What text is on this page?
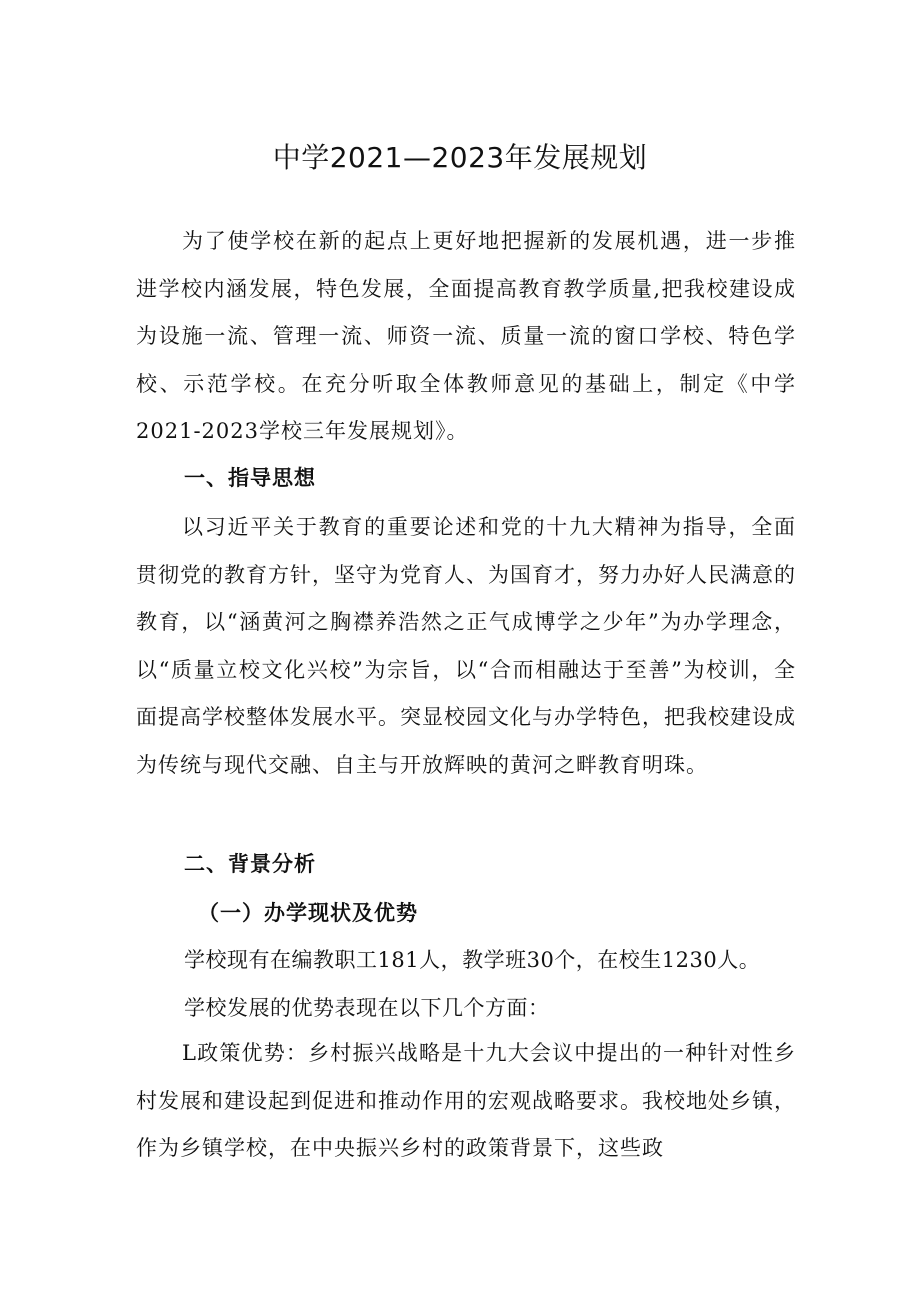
中学2021—2023年发展规划

为了使学校在新的起点上更好地把握新的发展机遇，进一步推进学校内涵发展，特色发展，全面提高教育教学质量,把我校建设成为设施一流、管理一流、师资一流、质量一流的窗口学校、特色学校、示范学校。在充分听取全体教师意见的基础上，制定《中学2021-2023学校三年发展规划》。

一、指导思想

以习近平关于教育的重要论述和党的十九大精神为指导，全面贯彻党的教育方针，坚守为党育人、为国育才，努力办好人民满意的教育，以“涵黄河之胸襟养浩然之正气成博学之少年”为办学理念，以“质量立校文化兴校”为宗旨，以“合而相融达于至善”为校训，全面提高学校整体发展水平。突显校园文化与办学特色，把我校建设成为传统与现代交融、自主与开放辉映的黄河之畔教育明珠。

二、背景分析
（一）办学现状及优势

学校现有在编教职工181人，教学班30个，在校生1230人。

学校发展的优势表现在以下几个方面：

L政策优势：乡村振兴战略是十九大会议中提出的一种针对性乡村发展和建设起到促进和推动作用的宏观战略要求。我校地处乡镇，作为乡镇学校，在中央振兴乡村的政策背景下，这些政
